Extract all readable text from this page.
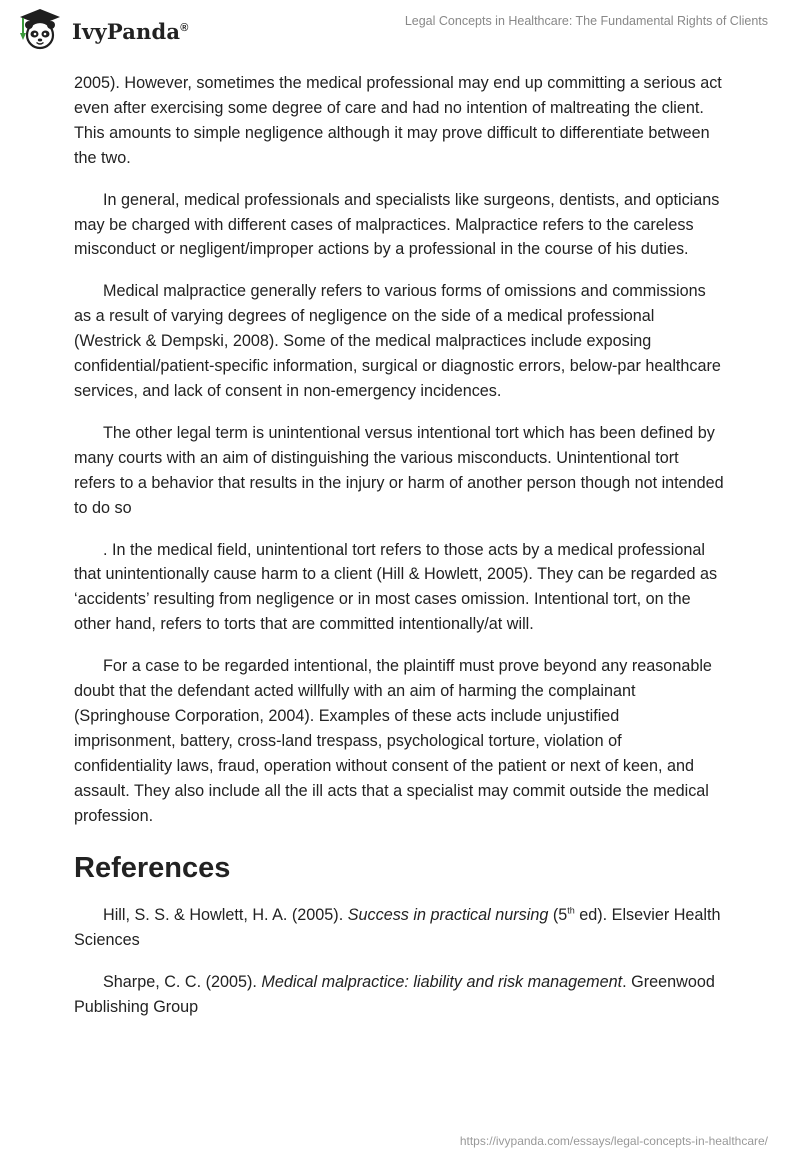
IvyPanda®	Legal Concepts in Healthcare: The Fundamental Rights of Clients

2005). However, sometimes the medical professional may end up committing a serious act even after exercising some degree of care and had no intention of maltreating the client. This amounts to simple negligence although it may prove difficult to differentiate between the two.

In general, medical professionals and specialists like surgeons, dentists, and opticians may be charged with different cases of malpractices. Malpractice refers to the careless misconduct or negligent/improper actions by a professional in the course of his duties.

Medical malpractice generally refers to various forms of omissions and commissions as a result of varying degrees of negligence on the side of a medical professional (Westrick & Dempski, 2008). Some of the medical malpractices include exposing confidential/patient-specific information, surgical or diagnostic errors, below-par healthcare services, and lack of consent in non-emergency incidences.

The other legal term is unintentional versus intentional tort which has been defined by many courts with an aim of distinguishing the various misconducts. Unintentional tort refers to a behavior that results in the injury or harm of another person though not intended to do so

. In the medical field, unintentional tort refers to those acts by a medical professional that unintentionally cause harm to a client (Hill & Howlett, 2005). They can be regarded as ‘accidents’ resulting from negligence or in most cases omission. Intentional tort, on the other hand, refers to torts that are committed intentionally/at will.

For a case to be regarded intentional, the plaintiff must prove beyond any reasonable doubt that the defendant acted willfully with an aim of harming the complainant (Springhouse Corporation, 2004). Examples of these acts include unjustified imprisonment, battery, cross-land trespass, psychological torture, violation of confidentiality laws, fraud, operation without consent of the patient or next of keen, and assault. They also include all the ill acts that a specialist may commit outside the medical profession.

References

Hill, S. S. & Howlett, H. A. (2005). Success in practical nursing (5th ed). Elsevier Health Sciences

Sharpe, C. C. (2005). Medical malpractice: liability and risk management. Greenwood Publishing Group

https://ivypanda.com/essays/legal-concepts-in-healthcare/
